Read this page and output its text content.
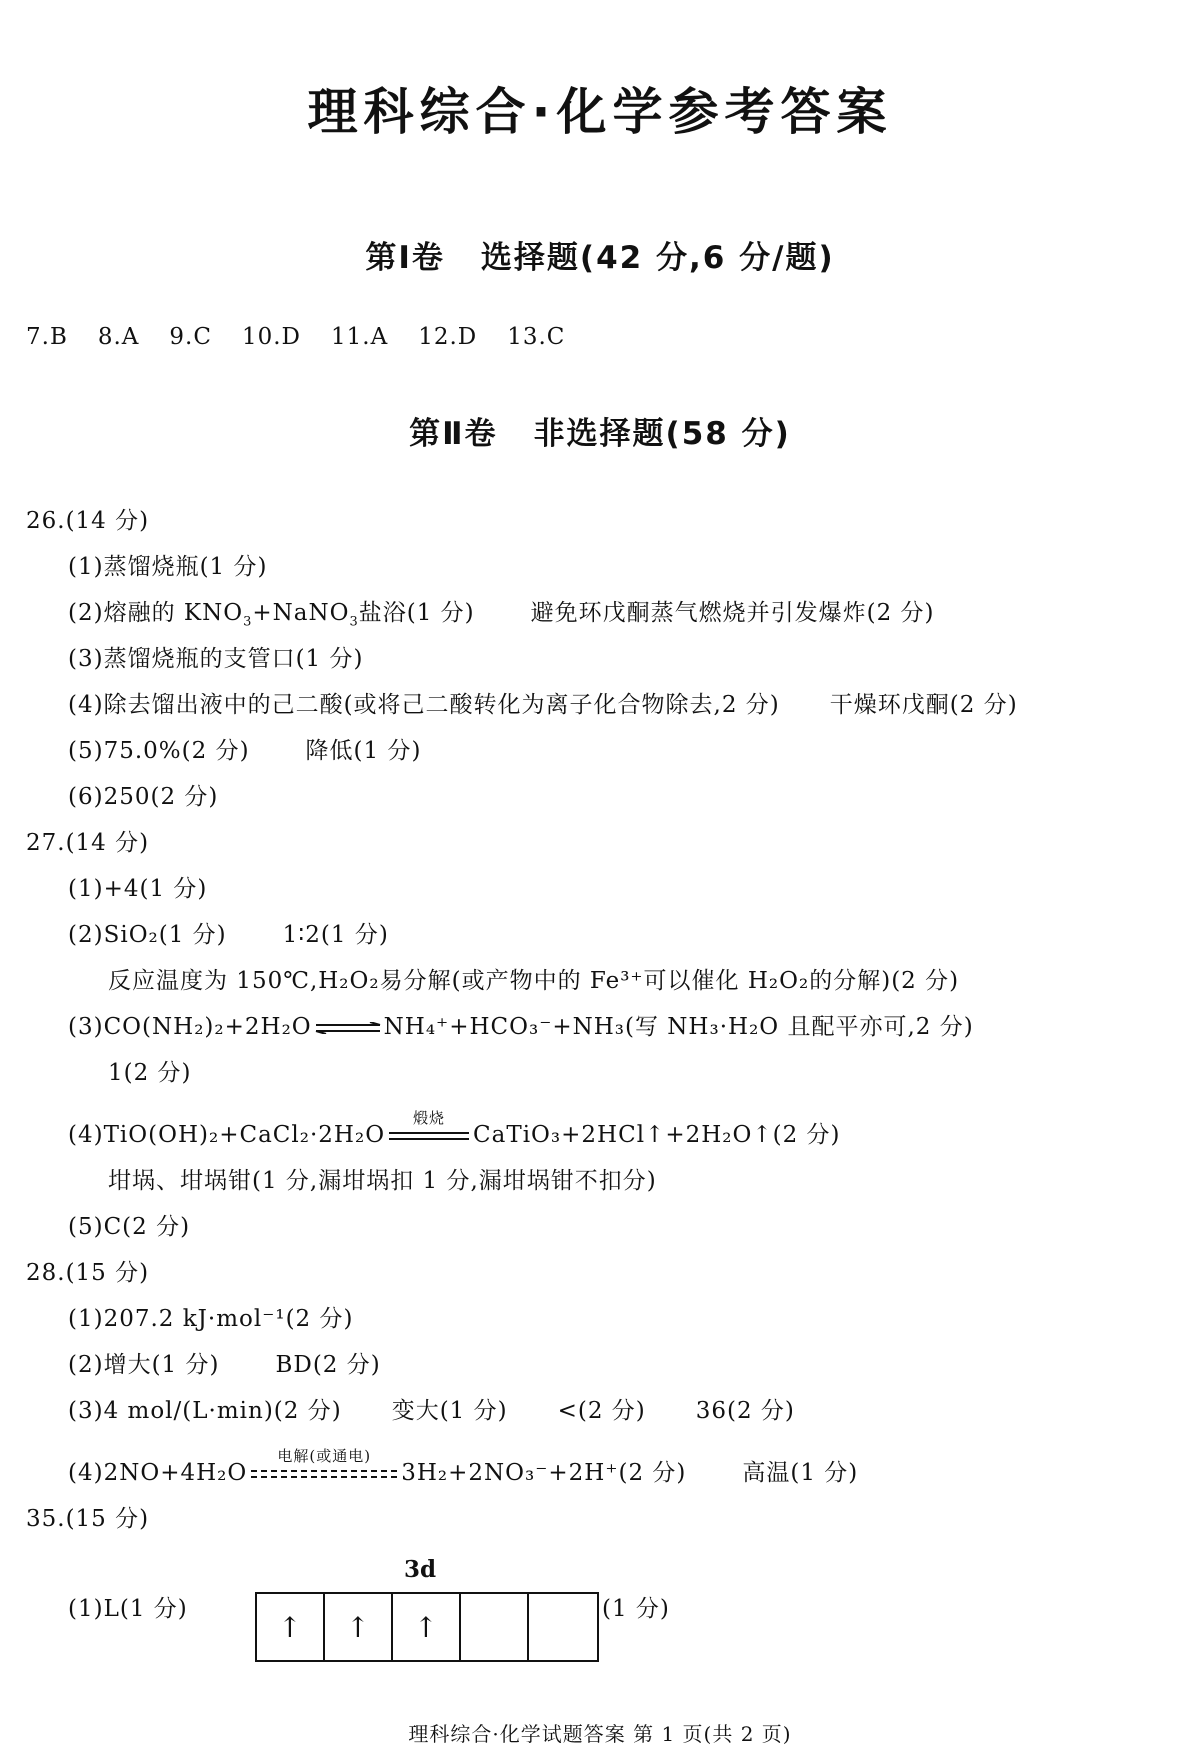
理科综合·化学参考答案
第Ⅰ卷 选择题(42 分,6 分/题)
7.B 8.A 9.C 10.D 11.A 12.D 13.C
第Ⅱ卷 非选择题(58 分)
26.(14 分)
(1)蒸馏烧瓶(1 分)
(2)熔融的 $KNO_3+NaNO_3$盐浴(1 分) 避免环戊酮蒸气燃烧并引发爆炸(2 分)
(3)蒸馏烧瓶的支管口(1 分)
(4)除去馏出液中的己二酸(或将己二酸转化为离子化合物除去,2 分) 干燥环戊酮(2 分)
(5)75.0%(2 分) 降低(1 分)
(6)250(2 分)
27.(14 分)
(1)+4(1 分)
(2)SiO₂(1 分) 1∶2(1 分)
反应温度为 150℃,H₂O₂易分解(或产物中的 Fe³⁺可以催化 H₂O₂的分解)(2 分)
(3)CO(NH₂)₂+2H₂O ⇌ NH₄⁺+HCO₃⁻+NH₃(写 NH₃·H₂O 且配平亦可,2 分)
1(2 分)
(4)TiO(OH)₂+CaCl₂·2H₂O
煅烧
CaTiO₃+2HCl↑+2H₂O↑(2 分)
坩埚、坩埚钳(1 分,漏坩埚扣 1 分,漏坩埚钳不扣分)
(5)C(2 分)
28.(15 分)
(1)207.2 kJ·mol⁻¹(2 分)
(2)增大(1 分) BD(2 分)
(3)4 mol/(L·min)(2 分) 变大(1 分) <(2 分) 36(2 分)
(4)2NO+4H₂O
电解(或通电)
3H₂+2NO₃⁻+2H⁺(2 分) 高温(1 分)
35.(15 分)
3d
(1)L(1 分)
↑	↑	↑
(1 分)
理科综合·化学试题答案 第 1 页(共 2 页)
